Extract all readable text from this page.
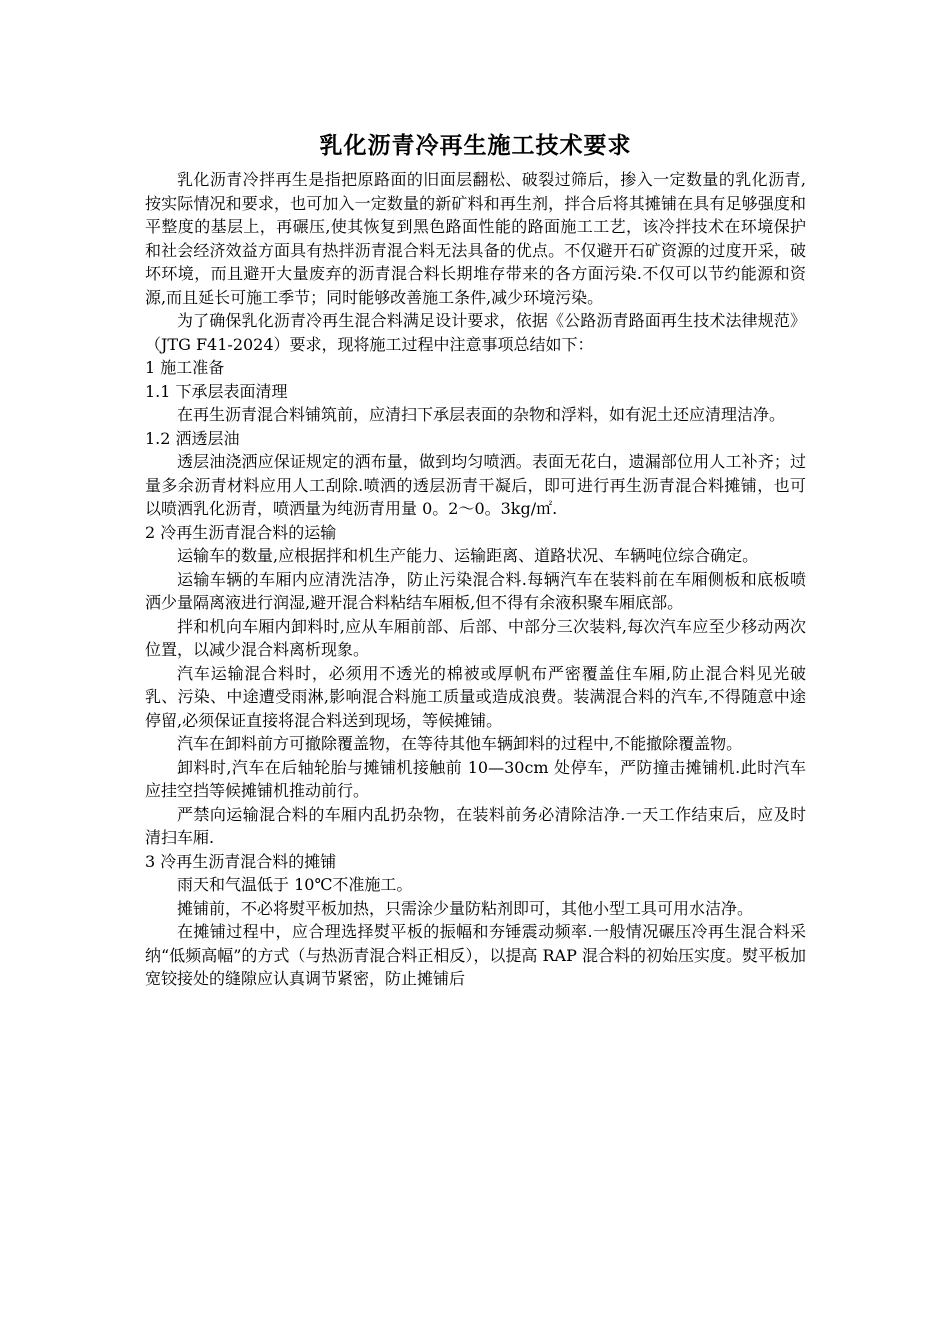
乳化沥青冷再生施工技术要求

乳化沥青冷拌再生是指把原路面的旧面层翻松、破裂过筛后，掺入一定数量的乳化沥青,按实际情况和要求，也可加入一定数量的新矿料和再生剂，拌合后将其摊铺在具有足够强度和平整度的基层上，再碾压,使其恢复到黑色路面性能的路面施工工艺，该冷拌技术在环境保护和社会经济效益方面具有热拌沥青混合料无法具备的优点。不仅避开石矿资源的过度开采，破坏环境，而且避开大量废弃的沥青混合料长期堆存带来的各方面污染.不仅可以节约能源和资源,而且延长可施工季节；同时能够改善施工条件,减少环境污染。

为了确保乳化沥青冷再生混合料满足设计要求，依据《公路沥青路面再生技术法律规范》（JTG F41-2024）要求，现将施工过程中注意事项总结如下：

1 施工准备

1.1 下承层表面清理

在再生沥青混合料铺筑前，应清扫下承层表面的杂物和浮料，如有泥土还应清理洁净。

1.2 洒透层油

透层油浇洒应保证规定的洒布量，做到均匀喷洒。表面无花白，遗漏部位用人工补齐；过量多余沥青材料应用人工刮除.喷洒的透层沥青干凝后，即可进行再生沥青混合料摊铺，也可以喷洒乳化沥青，喷洒量为纯沥青用量 0。2～0。3kg/㎡.

2 冷再生沥青混合料的运输

运输车的数量,应根据拌和机生产能力、运输距离、道路状况、车辆吨位综合确定。

运输车辆的车厢内应清洗洁净，防止污染混合料.每辆汽车在装料前在车厢侧板和底板喷洒少量隔离液进行润湿,避开混合料粘结车厢板,但不得有余液积聚车厢底部。

拌和机向车厢内卸料时,应从车厢前部、后部、中部分三次装料,每次汽车应至少移动两次位置，以减少混合料离析现象。

汽车运输混合料时，必须用不透光的棉被或厚帆布严密覆盖住车厢,防止混合料见光破乳、污染、中途遭受雨淋,影响混合料施工质量或造成浪费。装满混合料的汽车,不得随意中途停留,必须保证直接将混合料送到现场，等候摊铺。

汽车在卸料前方可撤除覆盖物，在等待其他车辆卸料的过程中,不能撤除覆盖物。

卸料时,汽车在后轴轮胎与摊铺机接触前 10—30cm 处停车，严防撞击摊铺机.此时汽车应挂空挡等候摊铺机推动前行。

严禁向运输混合料的车厢内乱扔杂物，在装料前务必清除洁净.一天工作结束后，应及时清扫车厢.

3 冷再生沥青混合料的摊铺

雨天和气温低于 10℃不准施工。

摊铺前，不必将熨平板加热，只需涂少量防粘剂即可，其他小型工具可用水洁净。

在摊铺过程中，应合理选择熨平板的振幅和夯锤震动频率.一般情况碾压冷再生混合料采纳“低频高幅”的方式（与热沥青混合料正相反），以提高 RAP 混合料的初始压实度。熨平板加宽铰接处的缝隙应认真调节紧密，防止摊铺后
